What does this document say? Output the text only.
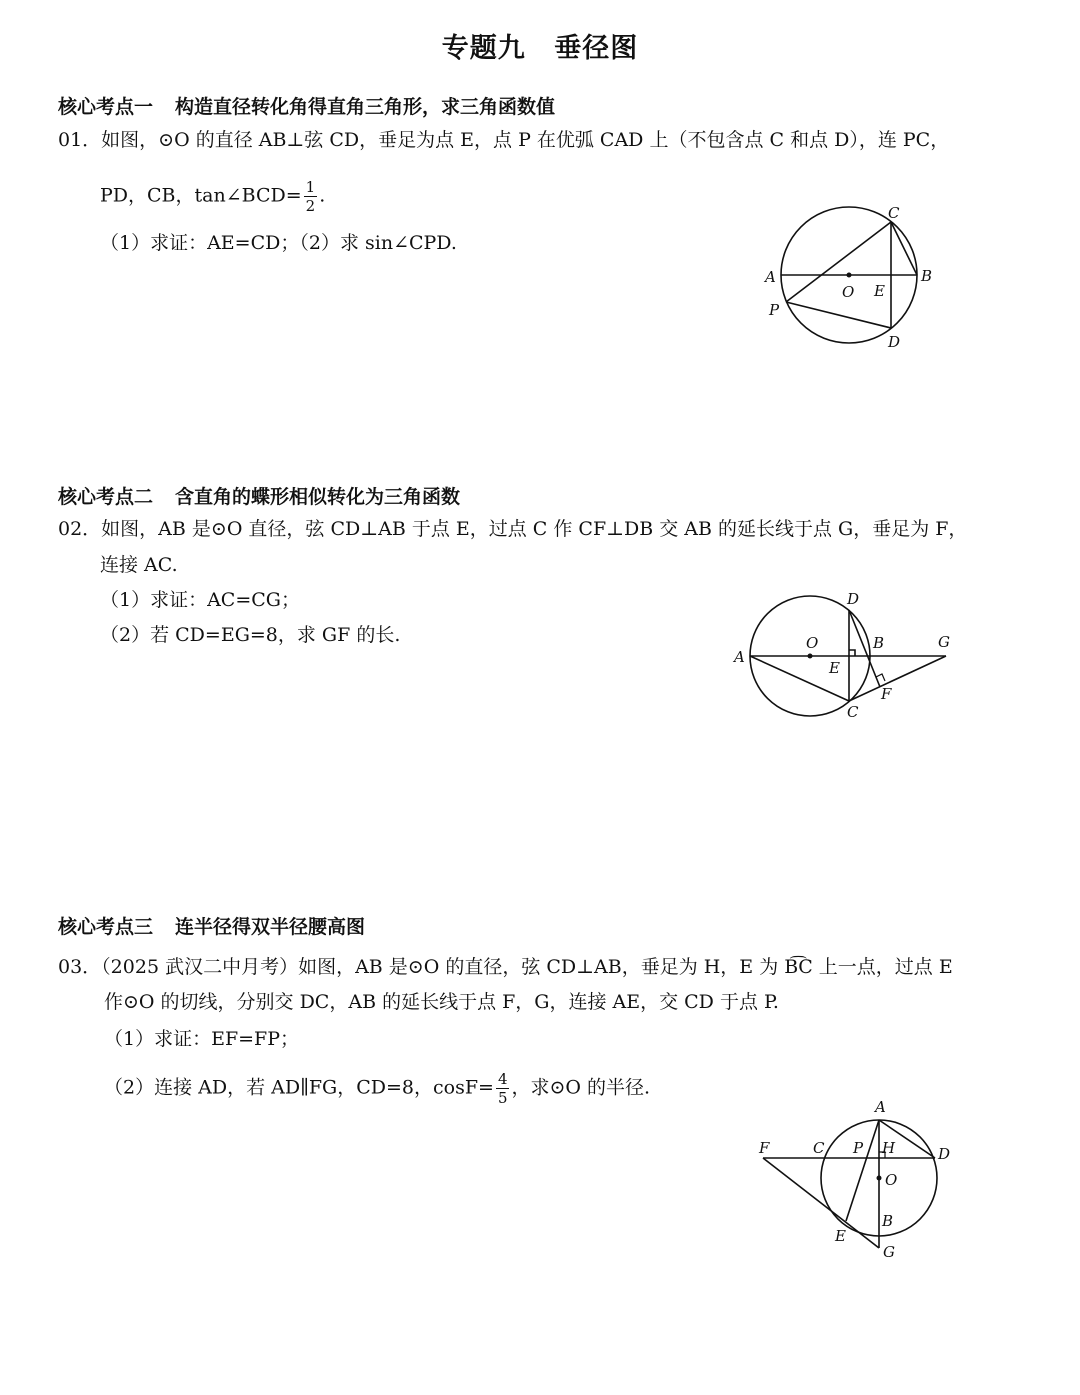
专题九 垂径图
核心考点一 构造直径转化角得直角三角形，求三角函数值
01．如图，⊙O 的直径 AB⊥弦 CD，垂足为点 E，点 P 在优弧 CAD 上（不包含点 C 和点 D），连 PC，
PD，CB，tan∠BCD= $\frac{1}{2}$ .
（1）求证：AE=CD；（2）求 sin∠CPD.
A	B
C
D
E
O
P
核心考点二 含直角的蝶形相似转化为三角函数
02．如图，AB 是⊙O 直径，弦 CD⊥AB 于点 E，过点 C 作 CF⊥DB 交 AB 的延长线于点 G，垂足为 F，
连接 AC.
（1）求证：AC=CG；
（2）若 CD=EG=8，求 GF 的长.
A
B
C
D
E
F
G
O
核心考点三 连半径得双半径腰高图
03．（2025 武汉二中月考）如图，AB 是⊙O 的直径，弦 CD⊥AB，垂足为 H，E 为 B͡C 上一点，过点 E
作⊙O 的切线，分别交 DC，AB 的延长线于点 F，G，连接 AE，交 CD 于点 P.
（1）求证：EF=FP；
（2）连接 AD，若 AD∥FG，CD=8，$\cos F= \frac{4}{5}$ ，求⊙O 的半径.
A
B
C	D
E
F
G
H
O
P
